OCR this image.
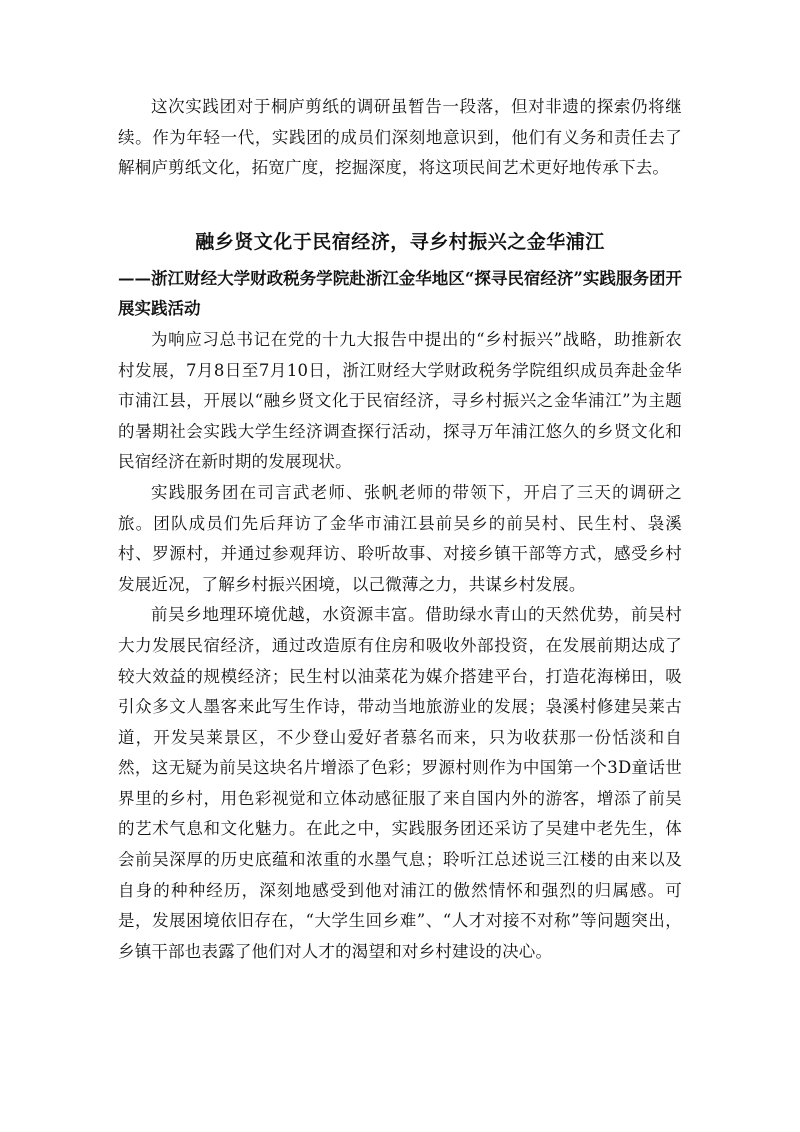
这次实践团对于桐庐剪纸的调研虽暂告一段落，但对非遗的探索仍将继续。作为年轻一代，实践团的成员们深刻地意识到，他们有义务和责任去了解桐庐剪纸文化，拓宽广度，挖掘深度，将这项民间艺术更好地传承下去。

融乡贤文化于民宿经济，寻乡村振兴之金华浦江

——浙江财经大学财政税务学院赴浙江金华地区“探寻民宿经济”实践服务团开展实践活动

为响应习总书记在党的十九大报告中提出的“乡村振兴”战略，助推新农村发展，7月8日至7月10日，浙江财经大学财政税务学院组织成员奔赴金华市浦江县，开展以“融乡贤文化于民宿经济，寻乡村振兴之金华浦江”为主题的暑期社会实践大学生经济调查探行活动，探寻万年浦江悠久的乡贤文化和民宿经济在新时期的发展现状。

实践服务团在司言武老师、张帆老师的带领下，开启了三天的调研之旅。团队成员们先后拜访了金华市浦江县前吴乡的前吴村、民生村、袅溪村、罗源村，并通过参观拜访、聆听故事、对接乡镇干部等方式，感受乡村发展近况，了解乡村振兴困境，以己微薄之力，共谋乡村发展。

前吴乡地理环境优越，水资源丰富。借助绿水青山的天然优势，前吴村大力发展民宿经济，通过改造原有住房和吸收外部投资，在发展前期达成了较大效益的规模经济；民生村以油菜花为媒介搭建平台，打造花海梯田，吸引众多文人墨客来此写生作诗，带动当地旅游业的发展；袅溪村修建吴莱古道，开发吴莱景区，不少登山爱好者慕名而来，只为收获那一份恬淡和自然，这无疑为前吴这块名片增添了色彩；罗源村则作为中国第一个3D童话世界里的乡村，用色彩视觉和立体动感征服了来自国内外的游客，增添了前吴的艺术气息和文化魅力。在此之中，实践服务团还采访了吴建中老先生，体会前吴深厚的历史底蕴和浓重的水墨气息；聆听江总述说三江楼的由来以及自身的种种经历，深刻地感受到他对浦江的傲然情怀和强烈的归属感。可是，发展困境依旧存在，“大学生回乡难”、“人才对接不对称”等问题突出，乡镇干部也表露了他们对人才的渴望和对乡村建设的决心。
